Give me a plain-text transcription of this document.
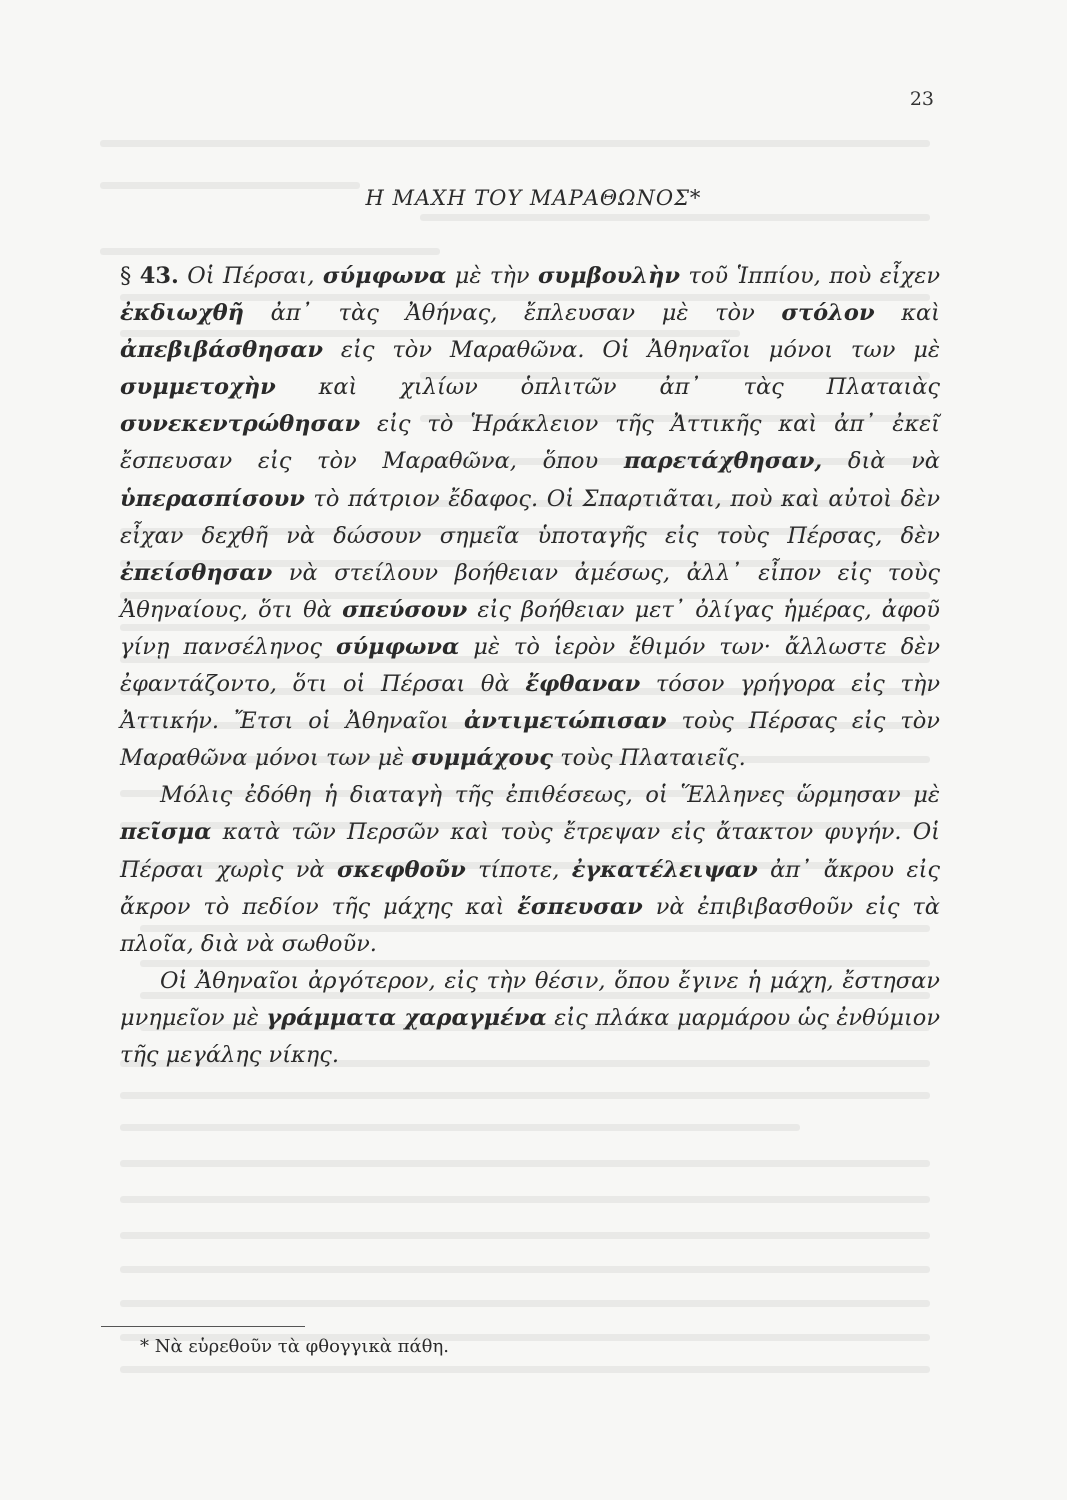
23
Η ΜΑΧΗ ΤΟΥ ΜΑΡΑΘΩΝΟΣ*

§ 43. Οἱ Πέρσαι, σύμφωνα μὲ τὴν συμβουλὴν τοῦ Ἱππίου, ποὺ εἶχεν ἐκδιωχθῆ ἀπ᾽ τὰς Ἀθήνας, ἔπλευσαν μὲ τὸν στόλον καὶ ἀπεβιβάσθησαν εἰς τὸν Μαραθῶνα. Οἱ Ἀθηναῖοι μόνοι των μὲ συμμετοχὴν καὶ χιλίων ὁπλιτῶν ἀπ᾽ τὰς Πλαταιὰς συνεκεντρώθησαν εἰς τὸ Ἡράκλειον τῆς Ἀττικῆς καὶ ἀπ᾽ ἐκεῖ ἔσπευσαν εἰς τὸν Μαραθῶνα, ὅπου παρετάχθησαν, διὰ νὰ ὑπερασπίσουν τὸ πάτριον ἔδαφος. Οἱ Σπαρτιᾶται, ποὺ καὶ αὐτοὶ δὲν εἶχαν δεχθῆ νὰ δώσουν σημεῖα ὑποταγῆς εἰς τοὺς Πέρσας, δὲν ἐπείσθησαν νὰ στείλουν βοήθειαν ἀμέσως, ἀλλ᾽ εἶπον εἰς τοὺς Ἀθηναίους, ὅτι θὰ σπεύσουν εἰς βοήθειαν μετ᾽ ὀλίγας ἡμέρας, ἀφοῦ γίνῃ πανσέληνος σύμφωνα μὲ τὸ ἱερὸν ἔθιμόν των· ἄλλωστε δὲν ἐφαντάζοντο, ὅτι οἱ Πέρσαι θὰ ἔφθαναν τόσον γρήγορα εἰς τὴν Ἀττικήν. Ἔτσι οἱ Ἀθηναῖοι ἀντιμετώπισαν τοὺς Πέρσας εἰς τὸν Μαραθῶνα μόνοι των μὲ συμμάχους τοὺς Πλαταιεῖς.

Μόλις ἐδόθη ἡ διαταγὴ τῆς ἐπιθέσεως, οἱ Ἕλληνες ὥρμησαν μὲ πεῖσμα κατὰ τῶν Περσῶν καὶ τοὺς ἔτρεψαν εἰς ἄτακτον φυγήν. Οἱ Πέρσαι χωρὶς νὰ σκεφθοῦν τίποτε, ἐγκατέλειψαν ἀπ᾽ ἄκρου εἰς ἄκρον τὸ πεδίον τῆς μάχης καὶ ἔσπευσαν νὰ ἐπιβιβασθοῦν εἰς τὰ πλοῖα, διὰ νὰ σωθοῦν.

Οἱ Ἀθηναῖοι ἀργότερον, εἰς τὴν θέσιν, ὅπου ἔγινε ἡ μάχη, ἔστησαν μνημεῖον μὲ γράμματα χαραγμένα εἰς πλάκα μαρμάρου ὡς ἐνθύμιον τῆς μεγάλης νίκης.

* Νὰ εὑρεθοῦν τὰ φθογγικὰ πάθη.
